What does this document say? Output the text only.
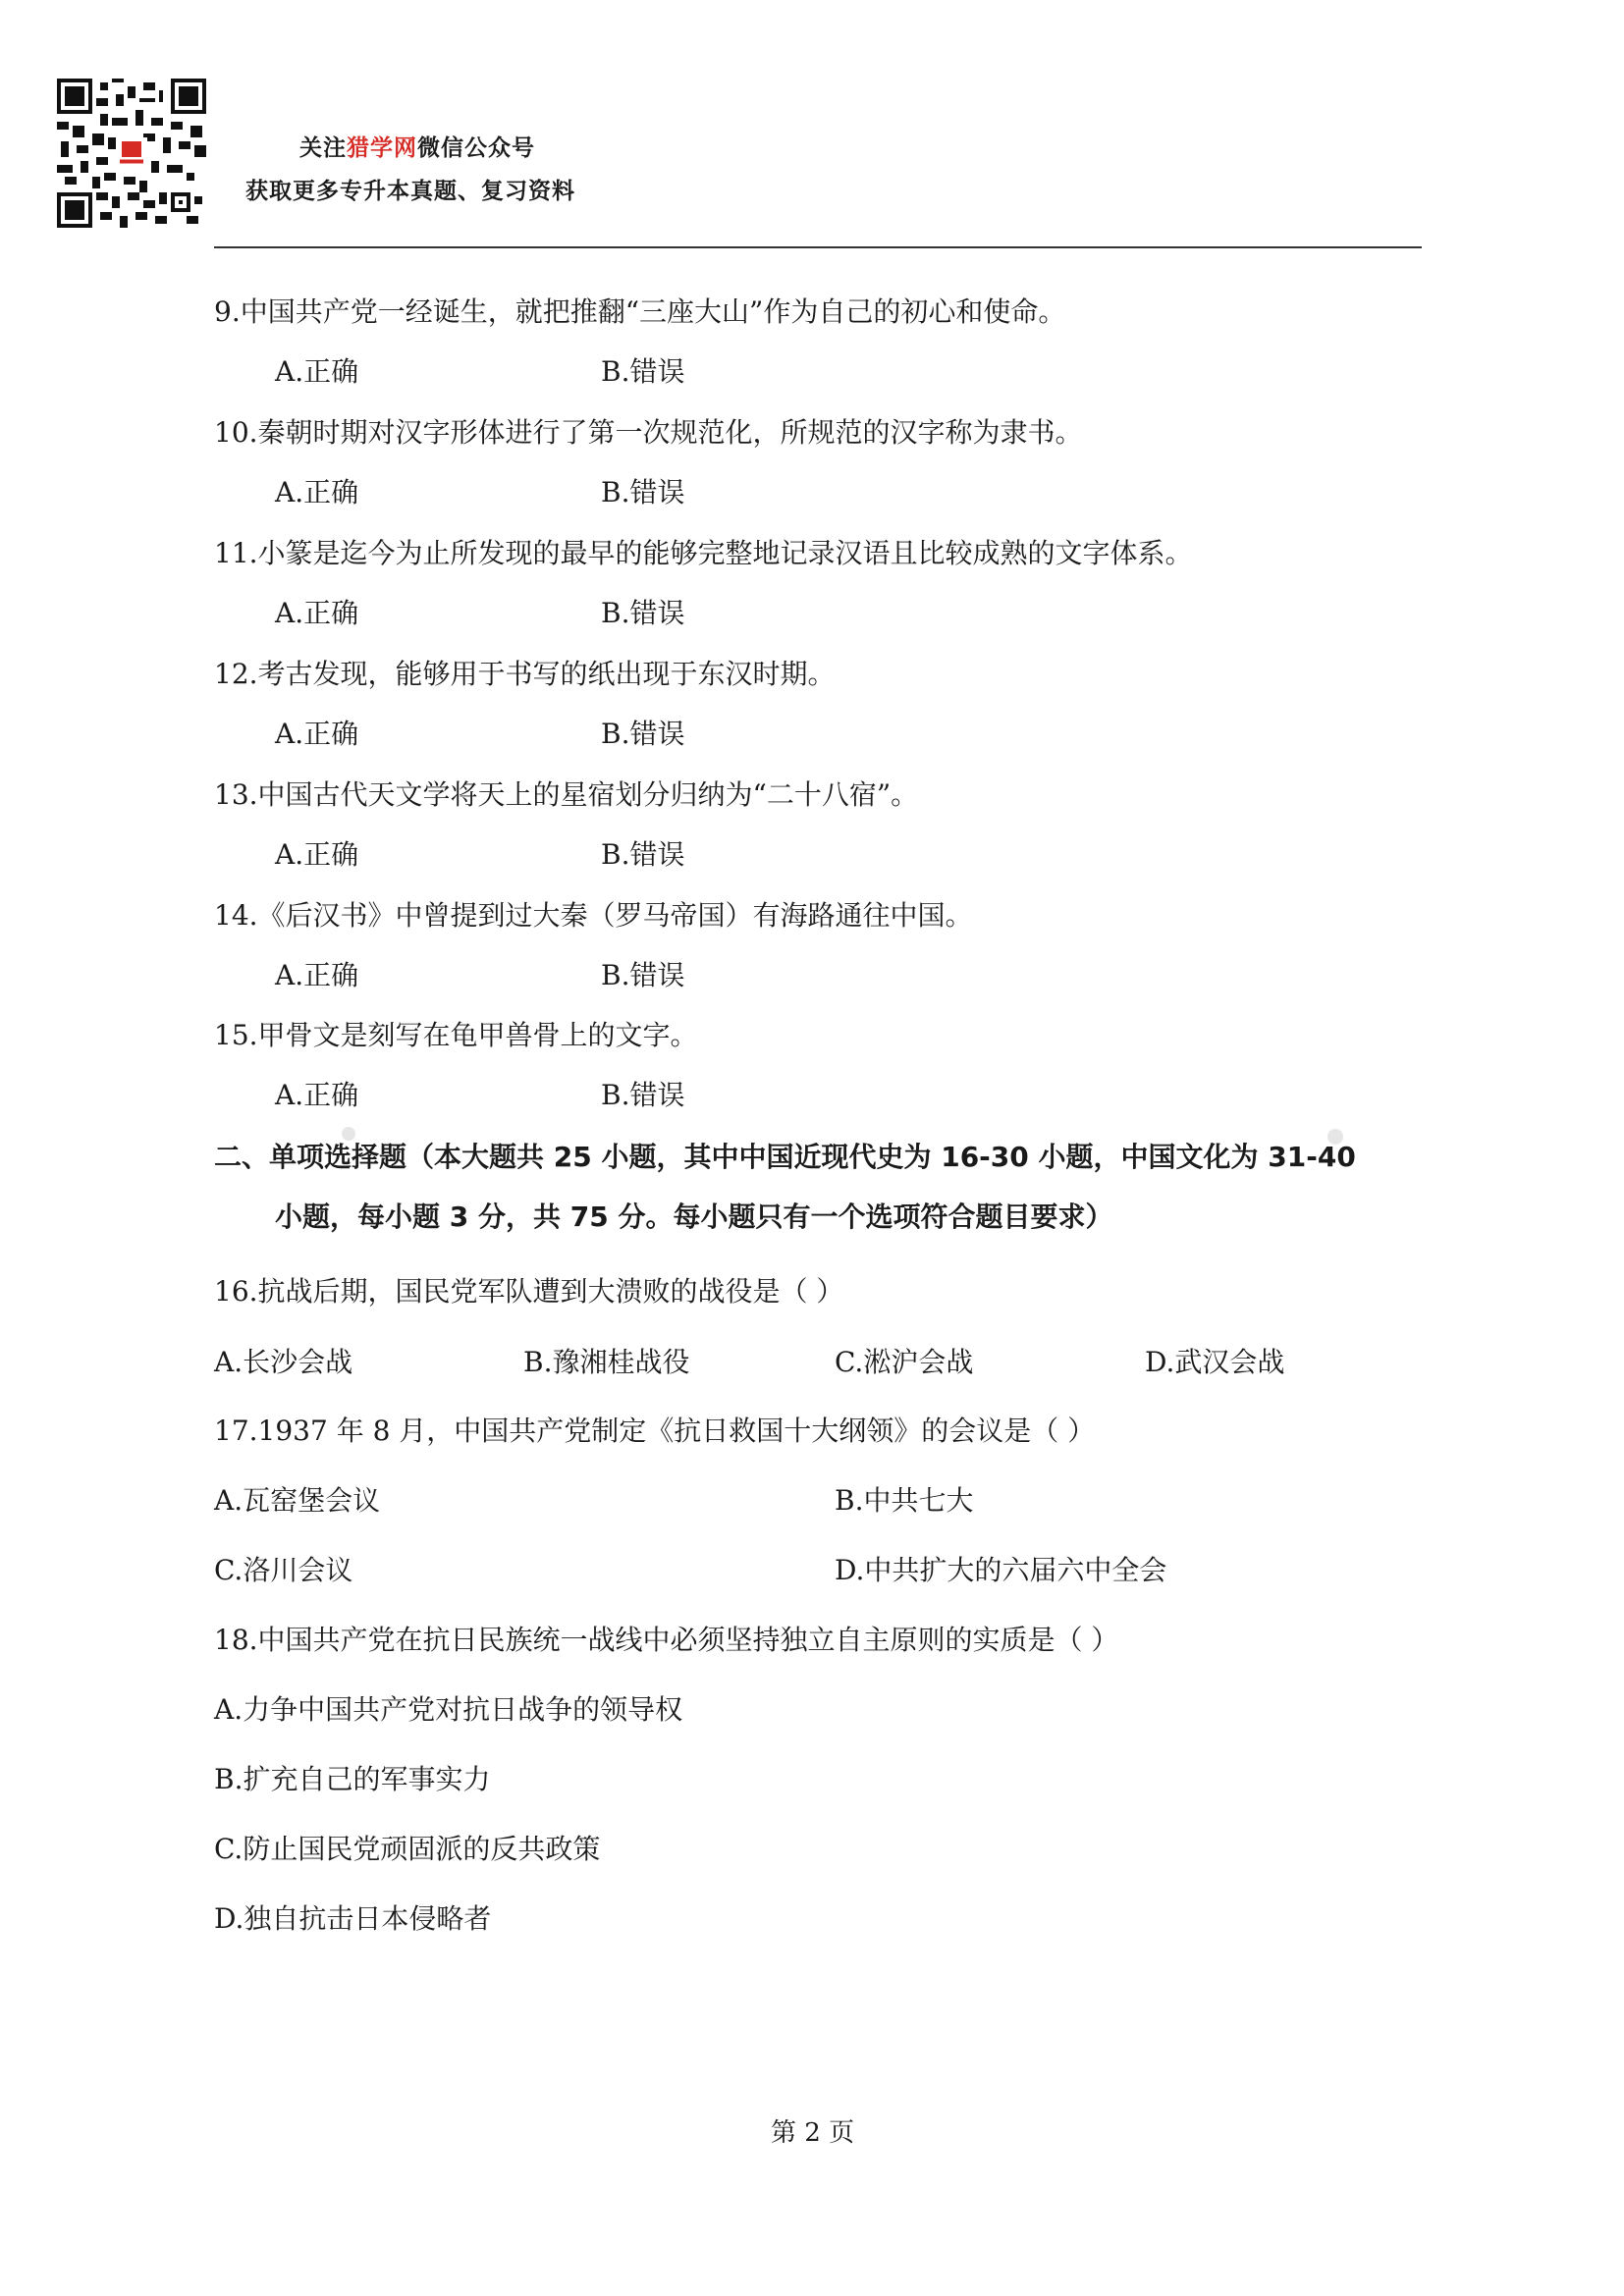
关注猎学网微信公众号
获取更多专升本真题、复习资料
9.中国共产党一经诞生，就把推翻“三座大山”作为自己的初心和使命。
A.正确	B.错误
10.秦朝时期对汉字形体进行了第一次规范化，所规范的汉字称为隶书。
A.正确	B.错误
11.小篆是迄今为止所发现的最早的能够完整地记录汉语且比较成熟的文字体系。
A.正确	B.错误
12.考古发现，能够用于书写的纸出现于东汉时期。
A.正确	B.错误
13.中国古代天文学将天上的星宿划分归纳为“二十八宿”。
A.正确	B.错误
14.《后汉书》中曾提到过大秦（罗马帝国）有海路通往中国。
A.正确	B.错误
15.甲骨文是刻写在龟甲兽骨上的文字。
A.正确	B.错误
二、单项选择题（本大题共 25 小题，其中中国近现代史为 16-30 小题，中国文化为 31-40
小题，每小题 3 分，共 75 分。每小题只有一个选项符合题目要求）
16.抗战后期，国民党军队遭到大溃败的战役是（ ）
A.长沙会战	B.豫湘桂战役	C.淞沪会战	D.武汉会战
17.1937 年 8 月，中国共产党制定《抗日救国十大纲领》的会议是（ ）
A.瓦窑堡会议	B.中共七大
C.洛川会议	D.中共扩大的六届六中全会
18.中国共产党在抗日民族统一战线中必须坚持独立自主原则的实质是（ ）
A.力争中国共产党对抗日战争的领导权
B.扩充自己的军事实力
C.防止国民党顽固派的反共政策
D.独自抗击日本侵略者
第 2 页
